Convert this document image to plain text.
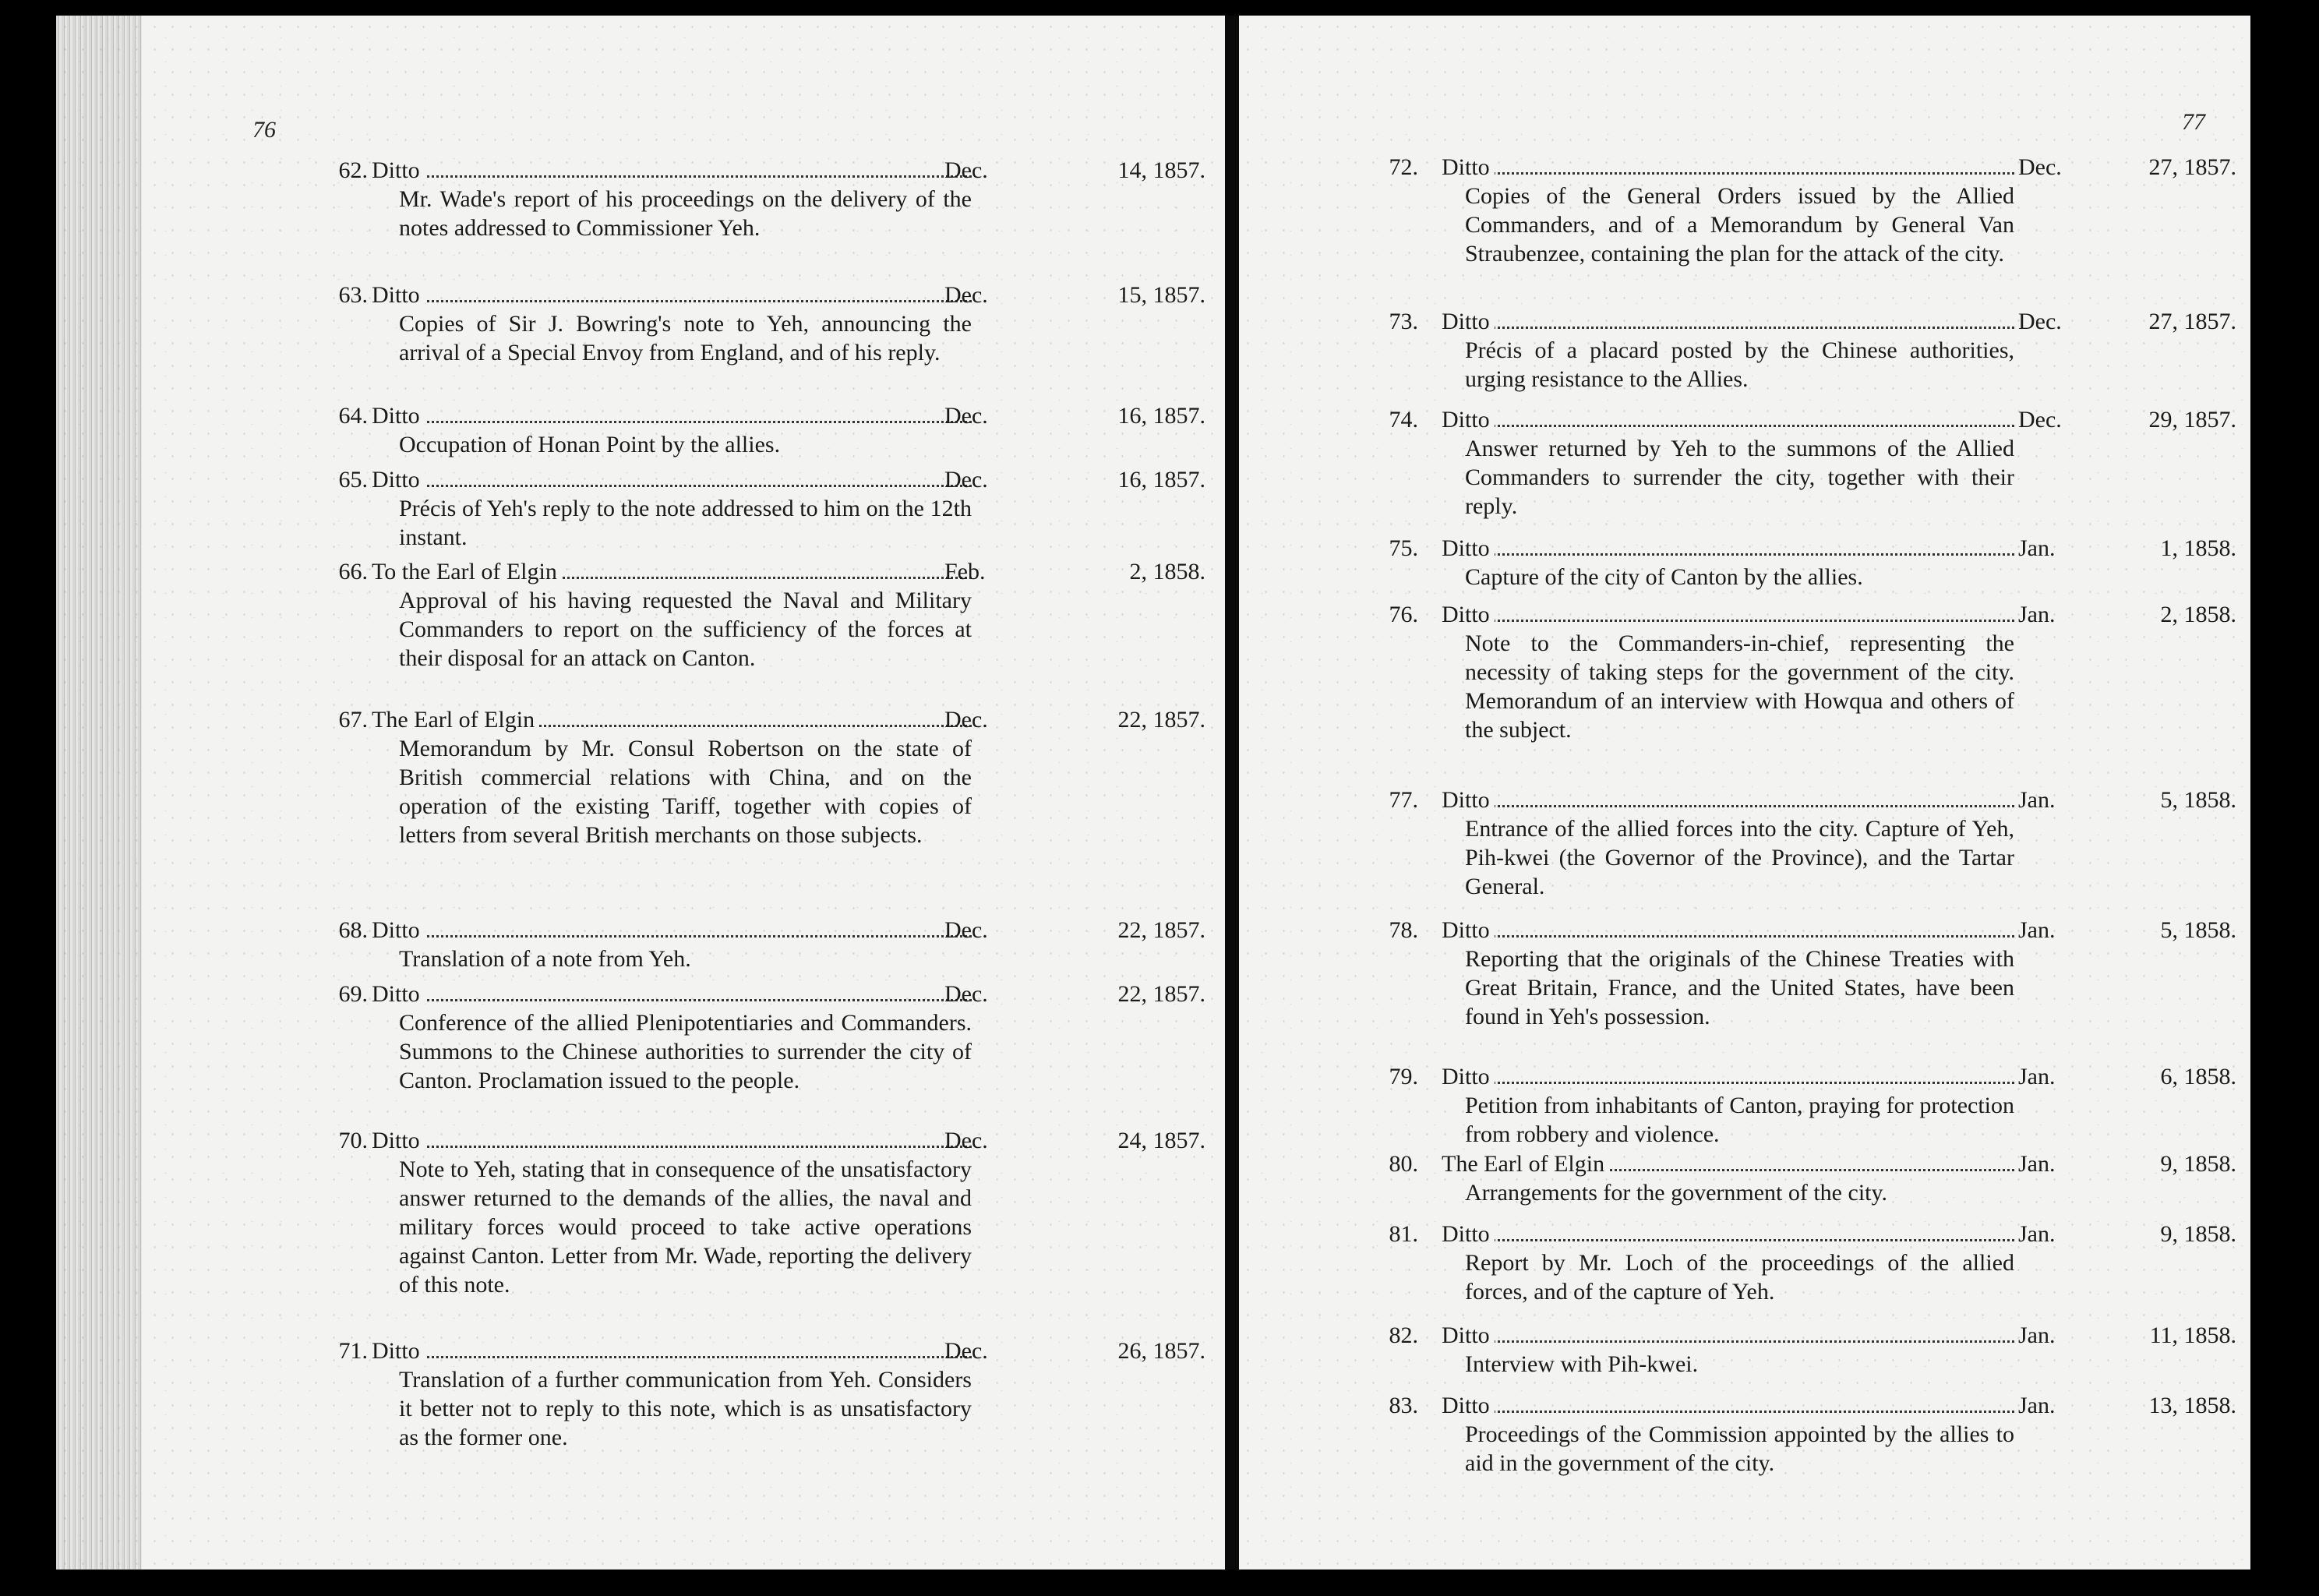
76
62. Ditto	Dec.	14, 1857.
Mr. Wade's report of his proceedings on the delivery of the notes addressed to Commissioner Yeh.
63. Ditto	Dec.	15, 1857.
Copies of Sir J. Bowring's note to Yeh, announcing the arrival of a Special Envoy from England, and of his reply.
64. Ditto	Dec.	16, 1857.
Occupation of Honan Point by the allies.
65. Ditto	Dec.	16, 1857.
Précis of Yeh's reply to the note addressed to him on the 12th instant.
66. To the Earl of Elgin	Feb.	2, 1858.
Approval of his having requested the Naval and Military Commanders to report on the sufficiency of the forces at their disposal for an attack on Canton.
67. The Earl of Elgin	Dec.	22, 1857.
Memorandum by Mr. Consul Robertson on the state of British commercial relations with China, and on the operation of the existing Tariff, together with copies of letters from several British merchants on those subjects.
68. Ditto	Dec.	22, 1857.
Translation of a note from Yeh.
69. Ditto	Dec.	22, 1857.
Conference of the allied Plenipotentiaries and Commanders. Summons to the Chinese authorities to surrender the city of Canton. Proclamation issued to the people.
70. Ditto	Dec.	24, 1857.
Note to Yeh, stating that in consequence of the unsatisfactory answer returned to the demands of the allies, the naval and military forces would proceed to take active operations against Canton. Letter from Mr. Wade, reporting the delivery of this note.
71. Ditto	Dec.	26, 1857.
Translation of a further communication from Yeh. Considers it better not to reply to this note, which is as unsatisfactory as the former one.
77
72. Ditto	Dec.	27, 1857.
Copies of the General Orders issued by the Allied Commanders, and of a Memorandum by General Van Straubenzee, containing the plan for the attack of the city.
73. Ditto	Dec.	27, 1857.
Précis of a placard posted by the Chinese authorities, urging resistance to the Allies.
74. Ditto	Dec.	29, 1857.
Answer returned by Yeh to the summons of the Allied Commanders to surrender the city, together with their reply.
75. Ditto	Jan.	1, 1858.
Capture of the city of Canton by the allies.
76. Ditto	Jan.	2, 1858.
Note to the Commanders-in-chief, representing the necessity of taking steps for the government of the city. Memorandum of an interview with Howqua and others of the subject.
77. Ditto	Jan.	5, 1858.
Entrance of the allied forces into the city. Capture of Yeh, Pih-kwei (the Governor of the Province), and the Tartar General.
78. Ditto	Jan.	5, 1858.
Reporting that the originals of the Chinese Treaties with Great Britain, France, and the United States, have been found in Yeh's possession.
79. Ditto	Jan.	6, 1858.
Petition from inhabitants of Canton, praying for protection from robbery and violence.
80. The Earl of Elgin	Jan.	9, 1858.
Arrangements for the government of the city.
81. Ditto	Jan.	9, 1858.
Report by Mr. Loch of the proceedings of the allied forces, and of the capture of Yeh.
82. Ditto	Jan.	11, 1858.
Interview with Pih-kwei.
83. Ditto	Jan.	13, 1858.
Proceedings of the Commission appointed by the allies to aid in the government of the city.
